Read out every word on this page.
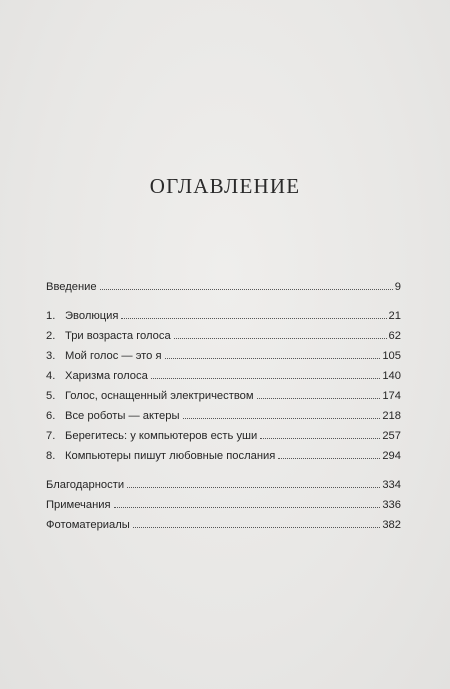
ОГЛАВЛЕНИЕ
Введение	9
1. Эволюция	21
2. Три возраста голоса	62
3. Мой голос — это я	105
4. Харизма голоса	140
5. Голос, оснащенный электричеством	174
6. Все роботы — актеры	218
7. Берегитесь: у компьютеров есть уши	257
8. Компьютеры пишут любовные послания	294
Благодарности	334
Примечания	336
Фотоматериалы	382
